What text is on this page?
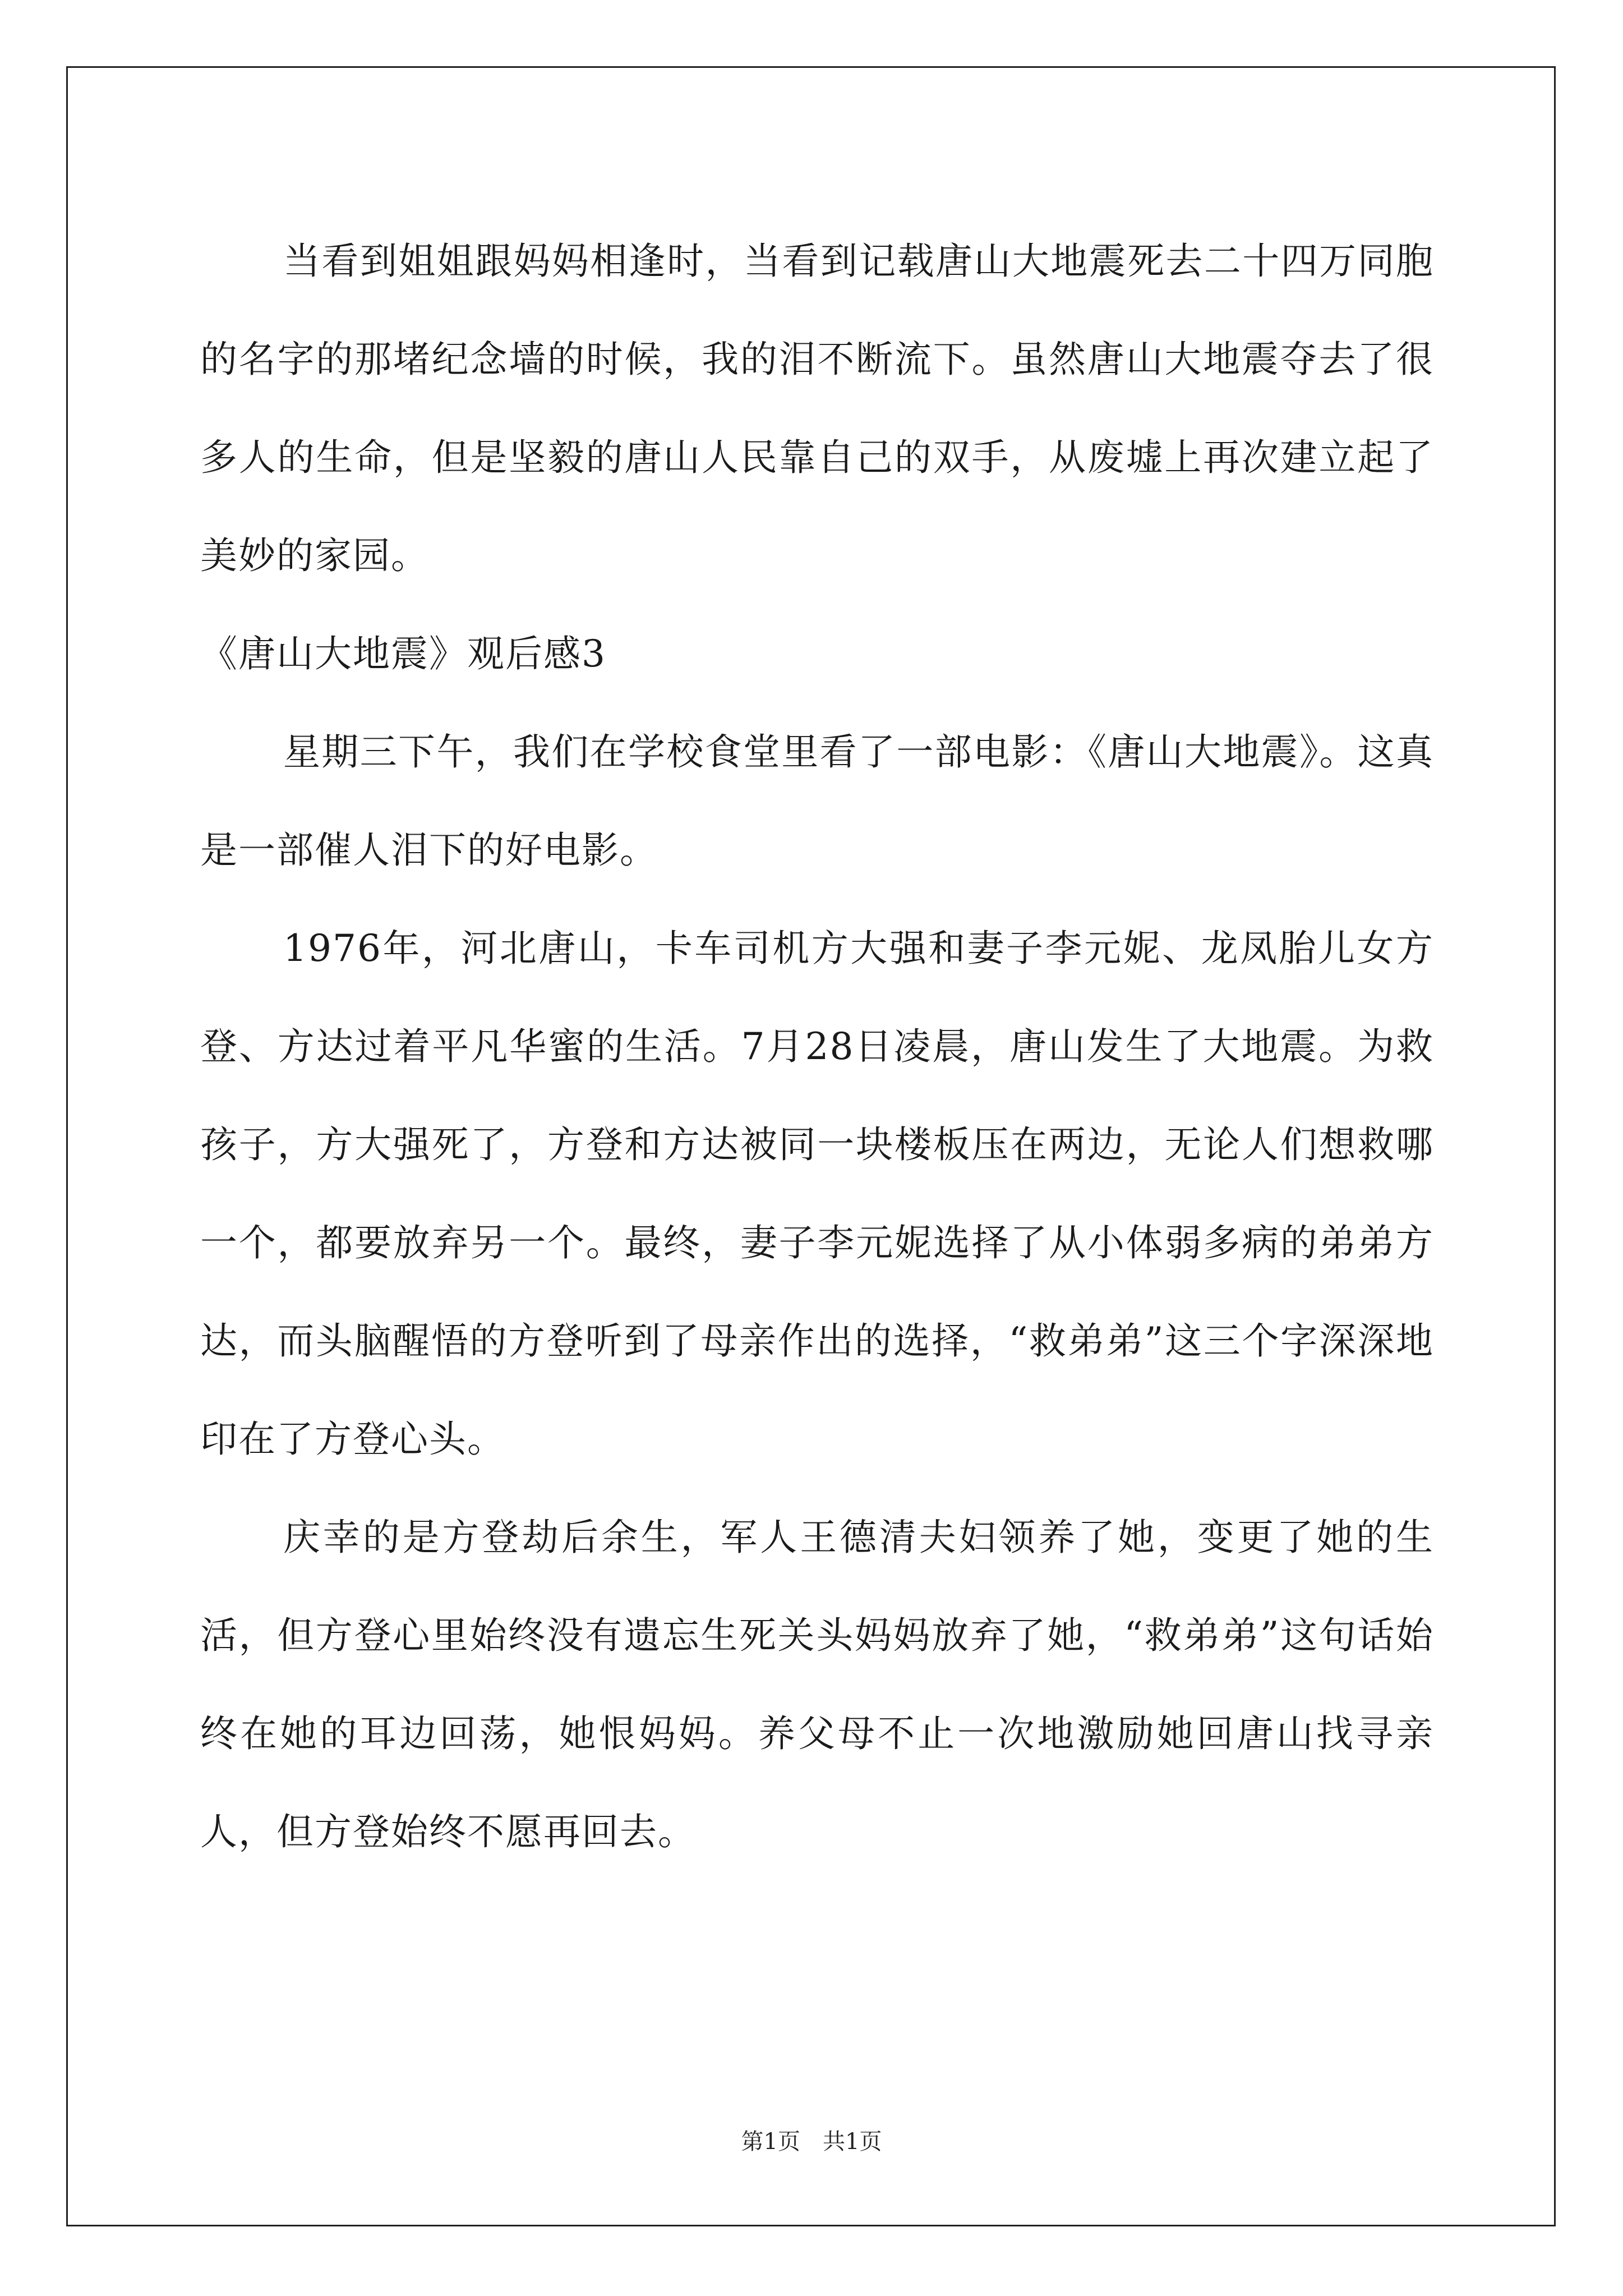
当看到姐姐跟妈妈相逢时，当看到记载唐山大地震死去二十四万同胞的名字的那堵纪念墙的时候，我的泪不断流下。虽然唐山大地震夺去了很多人的生命，但是坚毅的唐山人民靠自己的双手，从废墟上再次建立起了美妙的家园。

《唐山大地震》观后感3

星期三下午，我们在学校食堂里看了一部电影：《唐山大地震》。这真是一部催人泪下的好电影。

1976年，河北唐山，卡车司机方大强和妻子李元妮、龙凤胎儿女方登、方达过着平凡华蜜的生活。7月28日凌晨，唐山发生了大地震。为救孩子，方大强死了，方登和方达被同一块楼板压在两边，无论人们想救哪一个，都要放弃另一个。最终，妻子李元妮选择了从小体弱多病的弟弟方达，而头脑醒悟的方登听到了母亲作出的选择，“救弟弟”这三个字深深地印在了方登心头。

庆幸的是方登劫后余生，军人王德清夫妇领养了她，变更了她的生活，但方登心里始终没有遗忘生死关头妈妈放弃了她，“救弟弟”这句话始终在她的耳边回荡，她恨妈妈。养父母不止一次地激励她回唐山找寻亲人，但方登始终不愿再回去。

第1页 共1页
